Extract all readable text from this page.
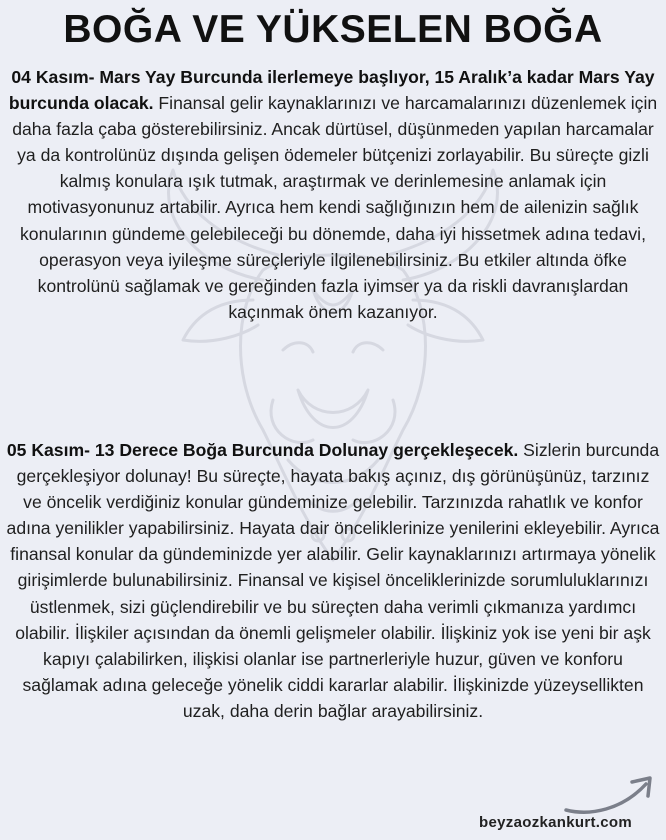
BOĞA VE YÜKSELEN BOĞA

04 Kasım- Mars Yay Burcunda ilerlemeye başlıyor, 15 Aralık’a kadar Mars Yay burcunda olacak. Finansal gelir kaynaklarınızı ve harcamalarınızı düzenlemek için daha fazla çaba gösterebilirsiniz. Ancak dürtüsel, düşünmeden yapılan harcamalar ya da kontrolünüz dışında gelişen ödemeler bütçenizi zorlayabilir. Bu süreçte gizli kalmış konulara ışık tutmak, araştırmak ve derinlemesine anlamak için motivasyonunuz artabilir. Ayrıca hem kendi sağlığınızın hem de ailenizin sağlık konularının gündeme gelebileceği bu dönemde, daha iyi hissetmek adına tedavi, operasyon veya iyileşme süreçleriyle ilgilenebilirsiniz. Bu etkiler altında öfke kontrolünü sağlamak ve gereğinden fazla iyimser ya da riskli davranışlardan kaçınmak önem kazanıyor.

05 Kasım- 13 Derece Boğa Burcunda Dolunay gerçekleşecek. Sizlerin burcunda gerçekleşiyor dolunay! Bu süreçte, hayata bakış açınız, dış görünüşünüz, tarzınız ve öncelik verdiğiniz konular gündeminize gelebilir. Tarzınızda rahatlık ve konfor adına yenilikler yapabilirsiniz. Hayata dair önceliklerinize yenilerini ekleyebilir. Ayrıca finansal konular da gündeminizde yer alabilir. Gelir kaynaklarınızı artırmaya yönelik girişimlerde bulunabilirsiniz. Finansal ve kişisel önceliklerinizde sorumluluklarınızı üstlenmek, sizi güçlendirebilir ve bu süreçten daha verimli çıkmanıza yardımcı olabilir. İlişkiler açısından da önemli gelişmeler olabilir. İlişkiniz yok ise yeni bir aşk kapıyı çalabilirken, ilişkisi olanlar ise partnerleriyle huzur, güven ve konforu sağlamak adına geleceğe yönelik ciddi kararlar alabilir. İlişkinizde yüzeysellikten uzak, daha derin bağlar arayabilirsiniz.

beyzaozkankurt.com
